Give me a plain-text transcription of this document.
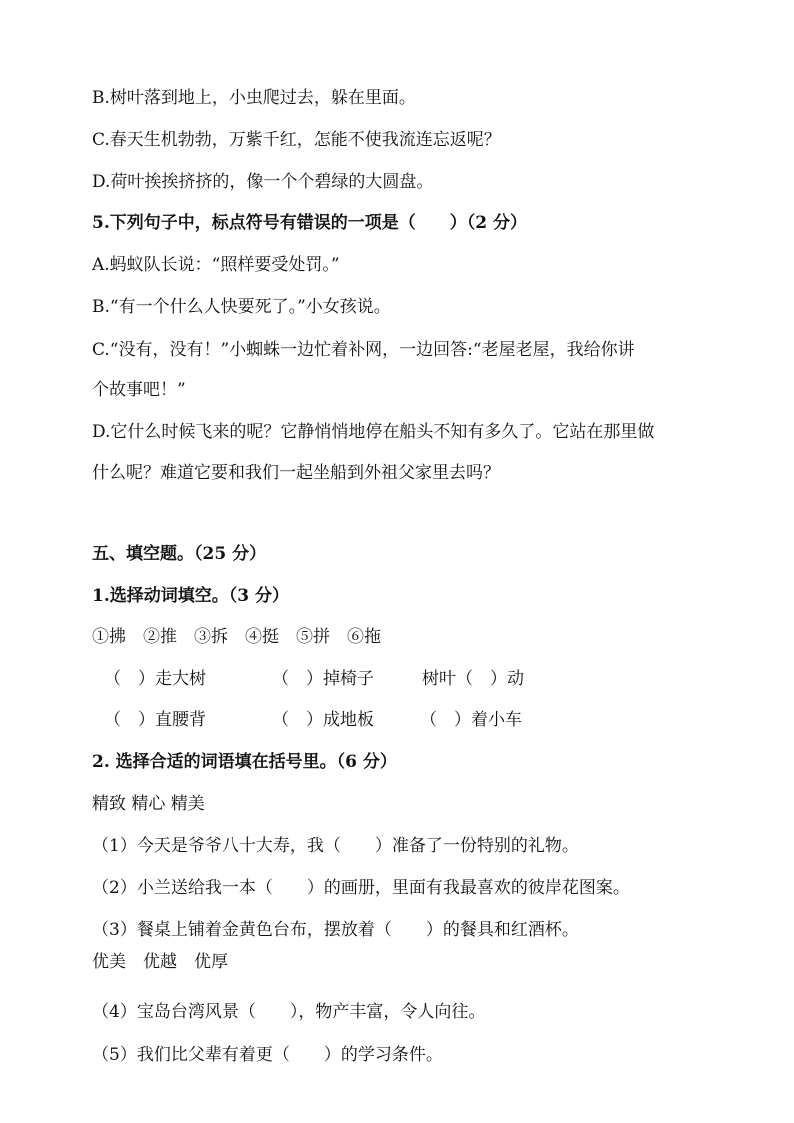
B.树叶落到地上，小虫爬过去，躲在里面。
C.春天生机勃勃，万紫千红，怎能不使我流连忘返呢？
D.荷叶挨挨挤挤的，像一个个碧绿的大圆盘。
5.下列句子中，标点符号有错误的一项是（　　）（2 分）
A.蚂蚁队长说：“照样要受处罚。”
B.“有一个什么人快要死了。”小女孩说。
C.“没有，没有！”小蜘蛛一边忙着补网，一边回答:“老屋老屋，我给你讲
个故事吧！”
D.它什么时候飞来的呢？它静悄悄地停在船头不知有多久了。它站在那里做
什么呢？难道它要和我们一起坐船到外祖父家里去吗？
五、填空题。（25 分）
1.选择动词填空。（3 分）
①拂　②推　③拆　④挺　⑤拼　⑥拖
（　）走大树	（　）掉椅子	树叶（　）动
（　）直腰背	（　）成地板	（　）着小车
2. 选择合适的词语填在括号里。（6 分）
精致 精心 精美
（1）今天是爷爷八十大寿，我（　　）准备了一份特别的礼物。
（2）小兰送给我一本（　　）的画册，里面有我最喜欢的彼岸花图案。
（3）餐桌上铺着金黄色台布，摆放着（　　）的餐具和红酒杯。
优美　优越　优厚
（4）宝岛台湾风景（　　），物产丰富，令人向往。
（5）我们比父辈有着更（　　）的学习条件。
